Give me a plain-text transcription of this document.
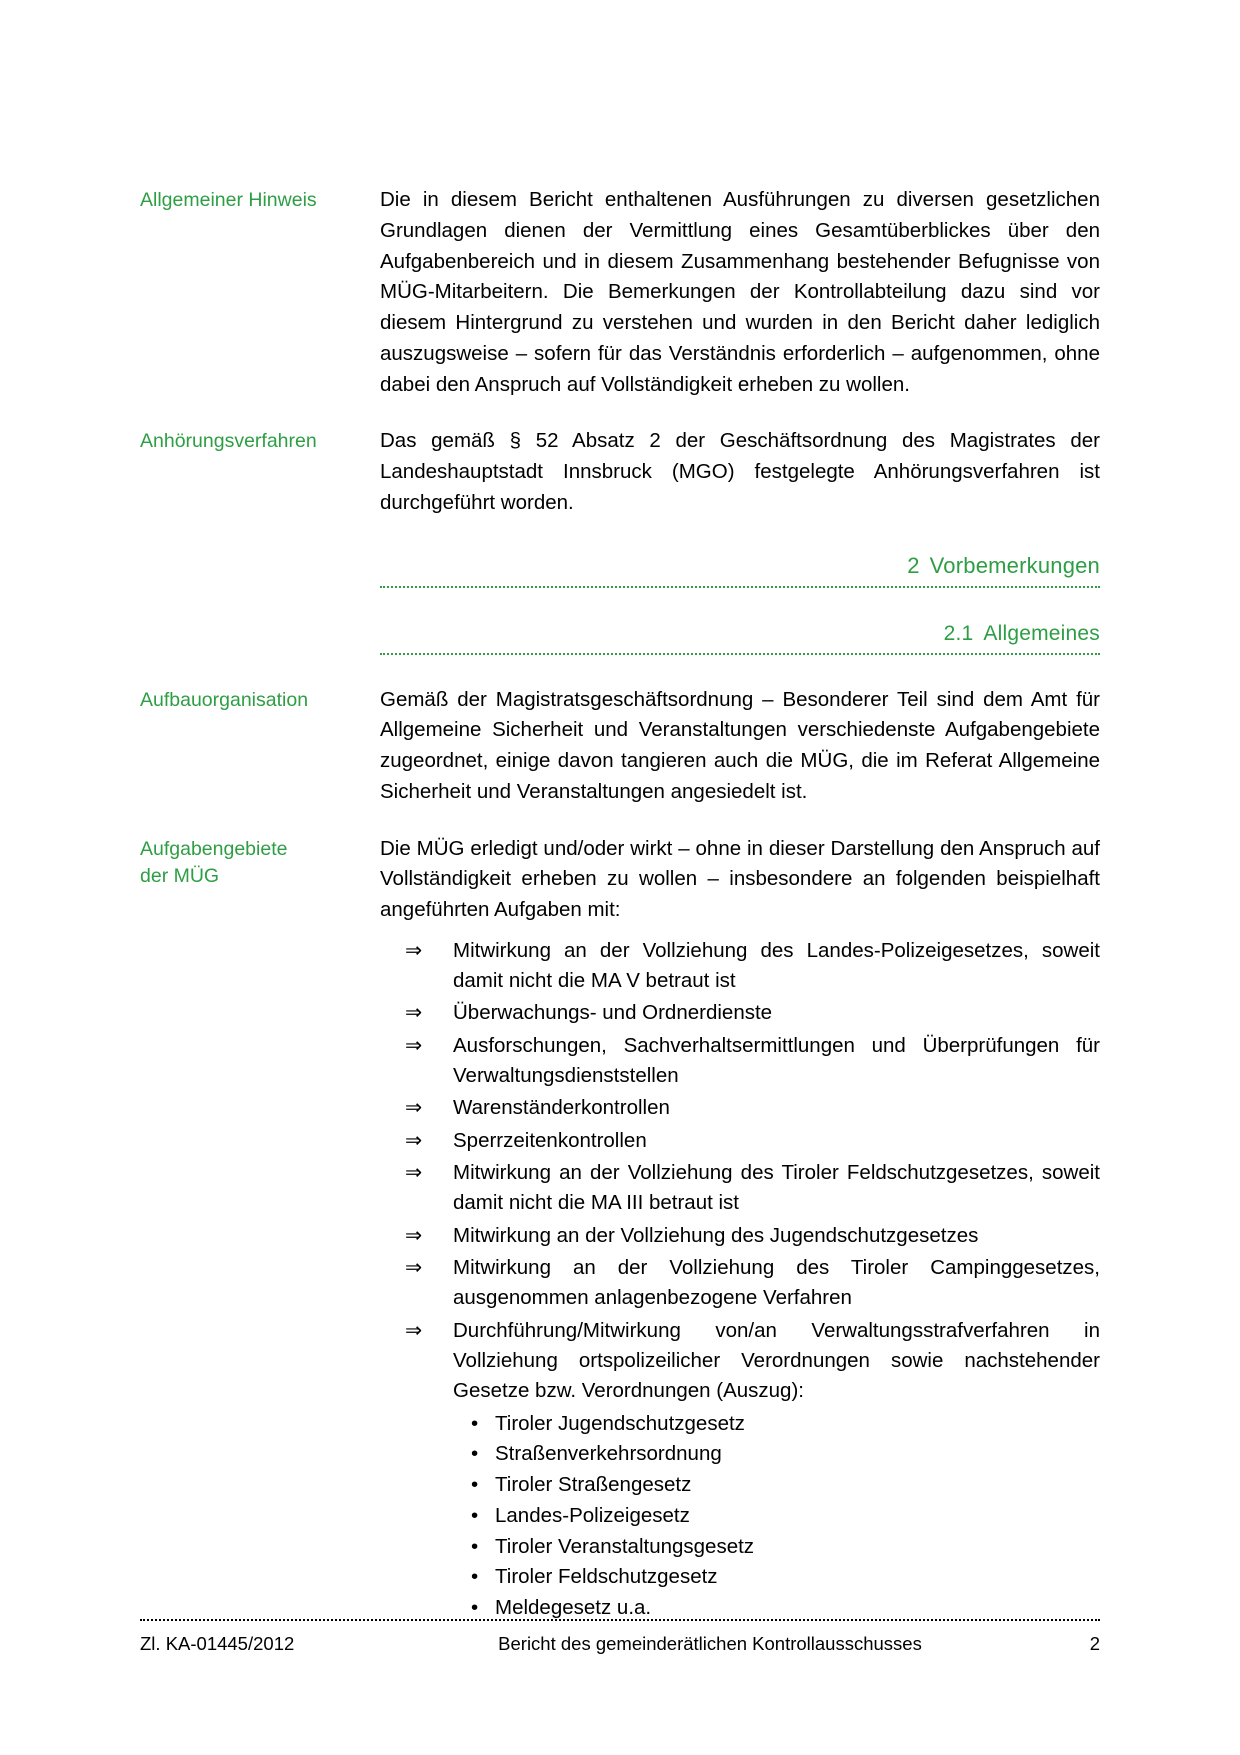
Allgemeiner Hinweis	Die in diesem Bericht enthaltenen Ausführungen zu diversen gesetzlichen Grundlagen dienen der Vermittlung eines Gesamtüberblickes über den Aufgabenbereich und in diesem Zusammenhang bestehender Befugnisse von MÜG-Mitarbeitern. Die Bemerkungen der Kontrollabteilung dazu sind vor diesem Hintergrund zu verstehen und wurden in den Bericht daher lediglich auszugsweise – sofern für das Verständnis erforderlich – aufgenommen, ohne dabei den Anspruch auf Vollständigkeit erheben zu wollen.

Anhörungsverfahren	Das gemäß § 52 Absatz 2 der Geschäftsordnung des Magistrates der Landeshauptstadt Innsbruck (MGO) festgelegte Anhörungsverfahren ist durchgeführt worden.

2 Vorbemerkungen
2.1 Allgemeines
Aufbauorganisation	Gemäß der Magistratsgeschäftsordnung – Besonderer Teil sind dem Amt für Allgemeine Sicherheit und Veranstaltungen verschiedenste Aufgabengebiete zugeordnet, einige davon tangieren auch die MÜG, die im Referat Allgemeine Sicherheit und Veranstaltungen angesiedelt ist.

Aufgabengebiete
der MÜG

Die MÜG erledigt und/oder wirkt – ohne in dieser Darstellung den Anspruch auf Vollständigkeit erheben zu wollen – insbesondere an folgenden beispielhaft angeführten Aufgaben mit:

⇒ Mitwirkung an der Vollziehung des Landes-Polizeigesetzes, soweit damit nicht die MA V betraut ist
⇒ Überwachungs- und Ordnerdienste
⇒ Ausforschungen, Sachverhaltsermittlungen und Überprüfungen für Verwaltungsdienststellen
⇒ Warenständerkontrollen
⇒ Sperrzeitenkontrollen
⇒ Mitwirkung an der Vollziehung des Tiroler Feldschutzgesetzes, soweit damit nicht die MA III betraut ist
⇒ Mitwirkung an der Vollziehung des Jugendschutzgesetzes
⇒ Mitwirkung an der Vollziehung des Tiroler Campinggesetzes, ausgenommen anlagenbezogene Verfahren
⇒ Durchführung/Mitwirkung von/an Verwaltungsstrafverfahren in Vollziehung ortspolizeilicher Verordnungen sowie nachstehender Gesetze bzw. Verordnungen (Auszug):
• Tiroler Jugendschutzgesetz
• Straßenverkehrsordnung
• Tiroler Straßengesetz
• Landes-Polizeigesetz
• Tiroler Veranstaltungsgesetz
• Tiroler Feldschutzgesetz
• Meldegesetz u.a.
Zl. KA-01445/2012	Bericht des gemeinderätlichen Kontrollausschusses	2
